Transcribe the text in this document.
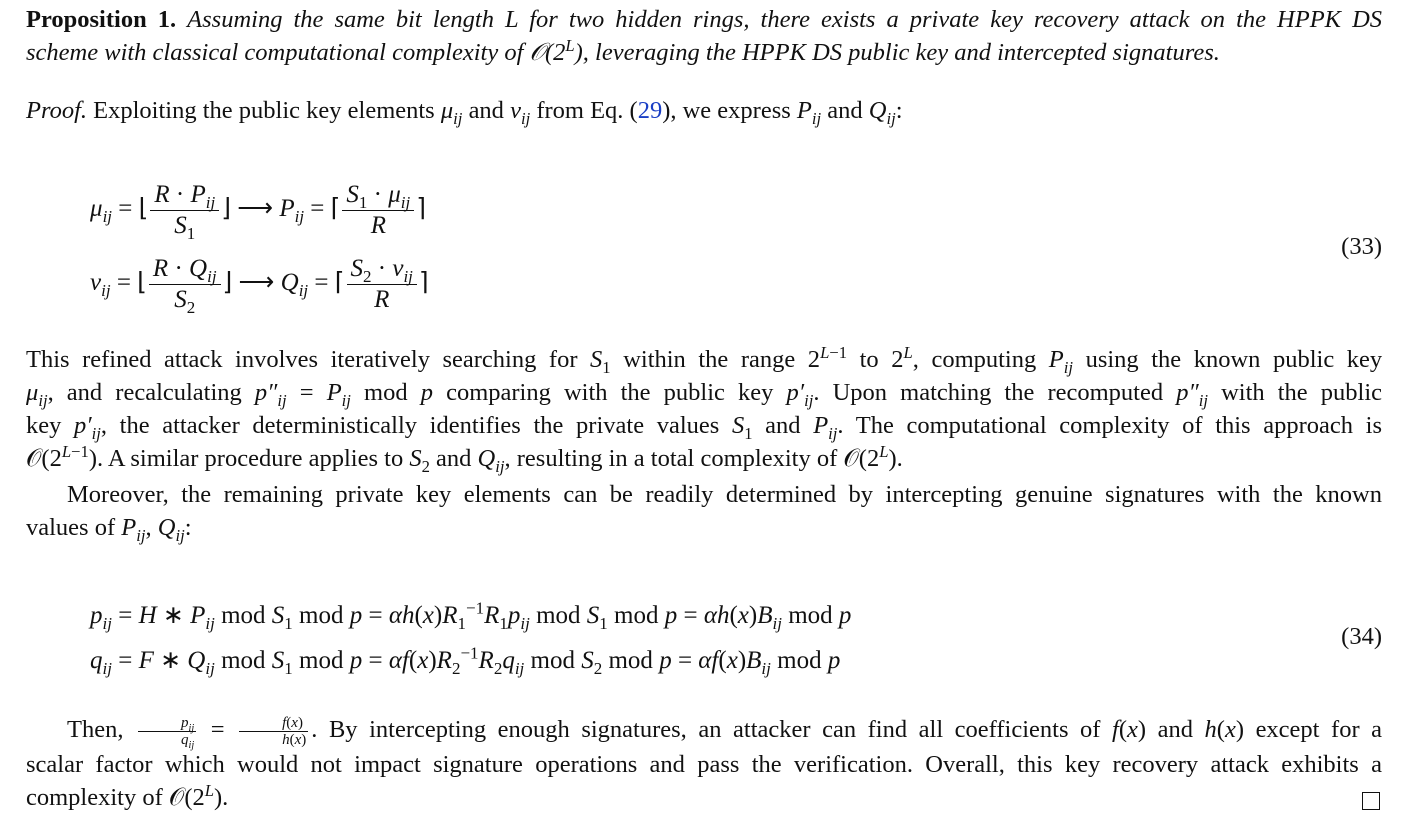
Proposition 1. Assuming the same bit length L for two hidden rings, there exists a private key recovery attack on the HPPK DS
scheme with classical computational complexity of $𝒪(2^L)$, leveraging the HPPK DS public key and intercepted signatures.
Proof. Exploiting the public key elements $\mu_{ij}$ and $\nu_{ij}$ from Eq. (29), we express $P_{ij}$ and $Q_{ij}$:
$\mu_{ij}$ = ⌊ $\frac{R \cdot P_{ij}}{S_1}$ ⌋ ⟶ $P_{ij}$ = ⌈ $\frac{S_1 \cdot \mu_{ij}}{R}$ ⌉
$\nu_{ij}$ = ⌊ $\frac{R \cdot Q_{ij}}{S_2}$ ⌋ ⟶ $Q_{ij}$ = ⌈ $\frac{S_2 \cdot \nu_{ij}}{R}$ ⌉
(33)
This refined attack involves iteratively searching for $S_1$ within the range $2^{L-1}$ to $2^L$, computing $P_{ij}$ using the known public key
$\mu_{ij}$, and recalculating $p''_{ij} = P_{ij}$ mod p comparing with the public key $p'_{ij}$. Upon matching the recomputed $p''_{ij}$ with the public
key $p'_{ij}$, the attacker deterministically identifies the private values $S_1$ and $P_{ij}$. The computational complexity of this approach is
$𝒪(2^{L-1})$. A similar procedure applies to $S_2$ and $Q_{ij}$, resulting in a total complexity of $𝒪(2^L)$.
Moreover, the remaining private key elements can be readily determined by intercepting genuine signatures with the known
values of $P_{ij}$, $Q_{ij}$:
$p_{ij} = H$ ∗ $P_{ij}$ mod $S_1$ mod $p = \alpha h(x)R_1^{-1}R_1p_{ij}$ mod $S_1$ mod $p = \alpha h(x)B_{ij}$ mod p
$q_{ij} = F$ ∗ $Q_{ij}$ mod $S_1$ mod $p = \alpha f(x)R_2^{-1}R_2q_{ij}$ mod $S_2$ mod $p = \alpha f(x)B_{ij}$ mod p
(34)
Then, $\frac{p_{ij}}{q_{ij}} = \frac{f(x)}{h(x)}$ . By intercepting enough signatures, an attacker can find all coefficients of f(x) and h(x) except for a
scalar factor which would not impact signature operations and pass the verification. Overall, this key recovery attack exhibits a
complexity of $𝒪(2^L)$.
